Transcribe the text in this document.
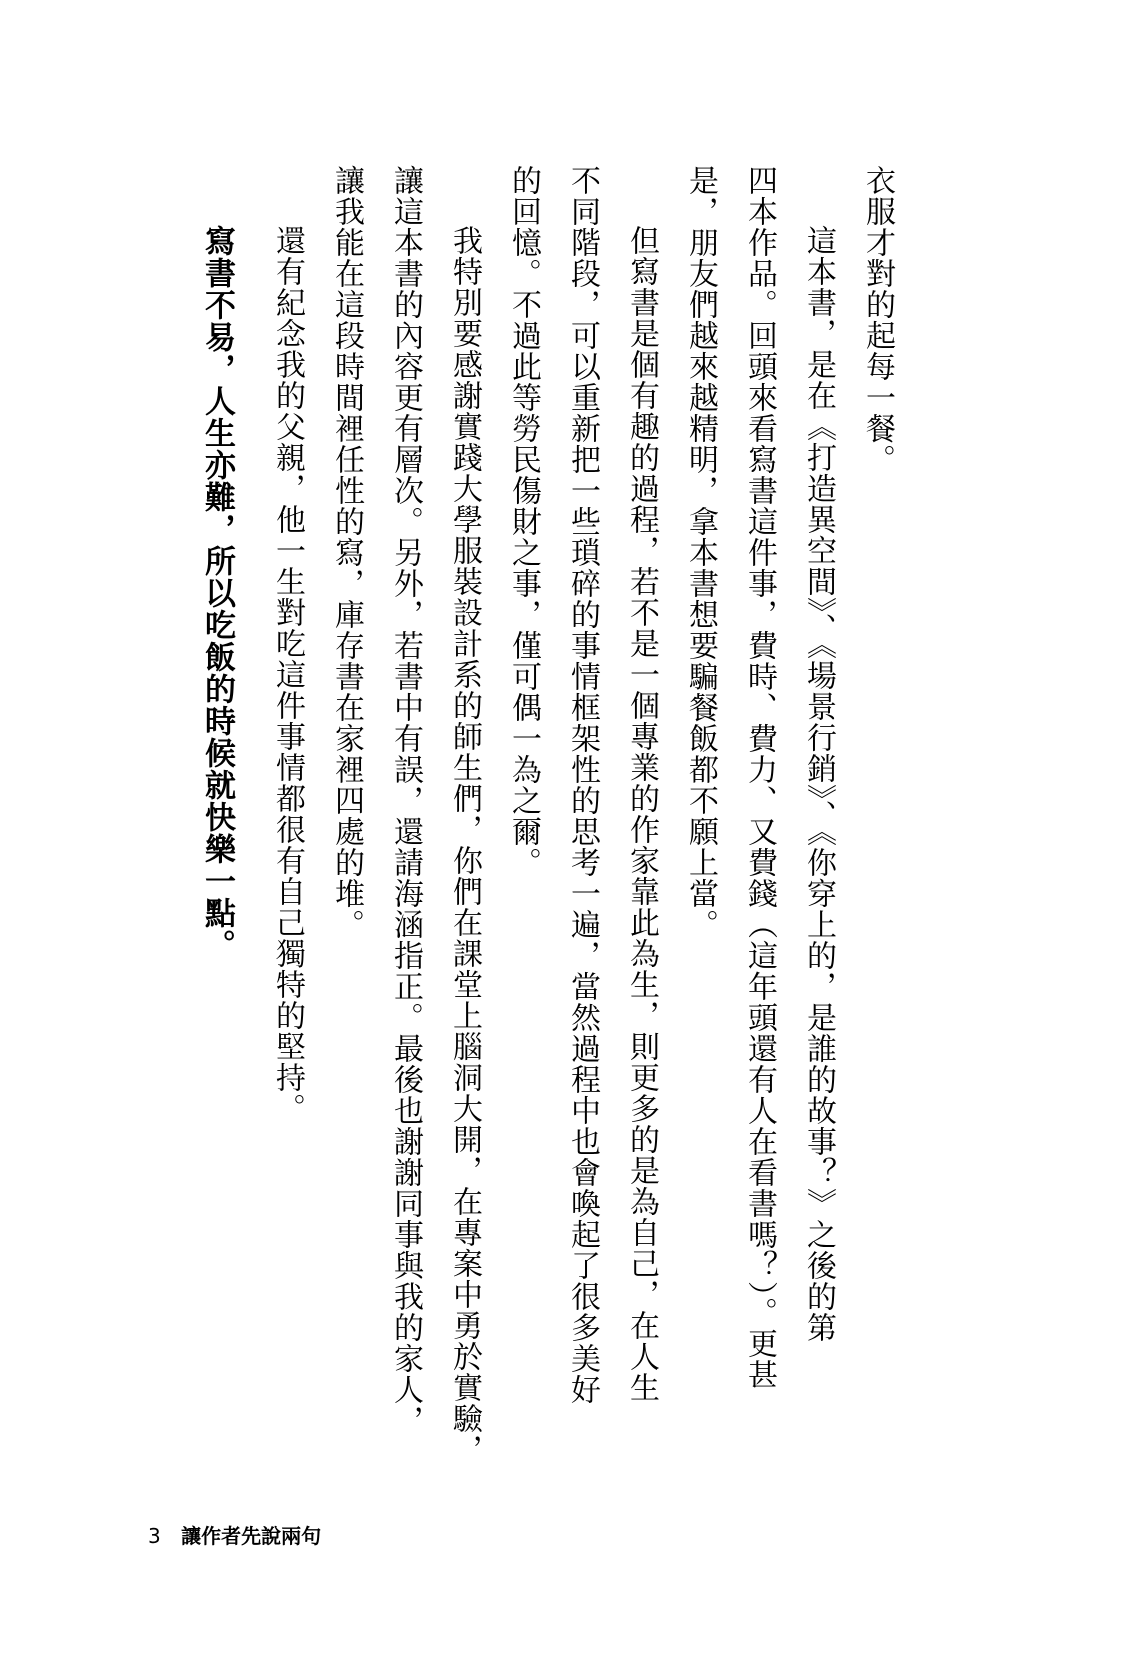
衣服才對的起每一餐。

這本書，是在《打造異空間》、《場景行銷》、《你穿上的，是誰的故事？》之後的第

四本作品。回頭來看寫書這件事，費時、費力、又費錢（這年頭還有人在看書嗎？）。更甚

是，朋友們越來越精明，拿本書想要騙餐飯都不願上當。

但寫書是個有趣的過程，若不是一個專業的作家靠此為生，則更多的是為自己，在人生

不同階段，可以重新把一些瑣碎的事情框架性的思考一遍，當然過程中也會喚起了很多美好

的回憶。不過此等勞民傷財之事，僅可偶一為之爾。

我特別要感謝實踐大學服裝設計系的師生們，你們在課堂上腦洞大開，在專案中勇於實驗，

讓這本書的內容更有層次。另外，若書中有誤，還請海涵指正。最後也謝謝同事與我的家人，

讓我能在這段時間裡任性的寫，庫存書在家裡四處的堆。

還有紀念我的父親，他一生對吃這件事情都很有自己獨特的堅持。

寫書不易，人生亦難，所以吃飯的時候就快樂一點。

3 讓作者先說兩句
